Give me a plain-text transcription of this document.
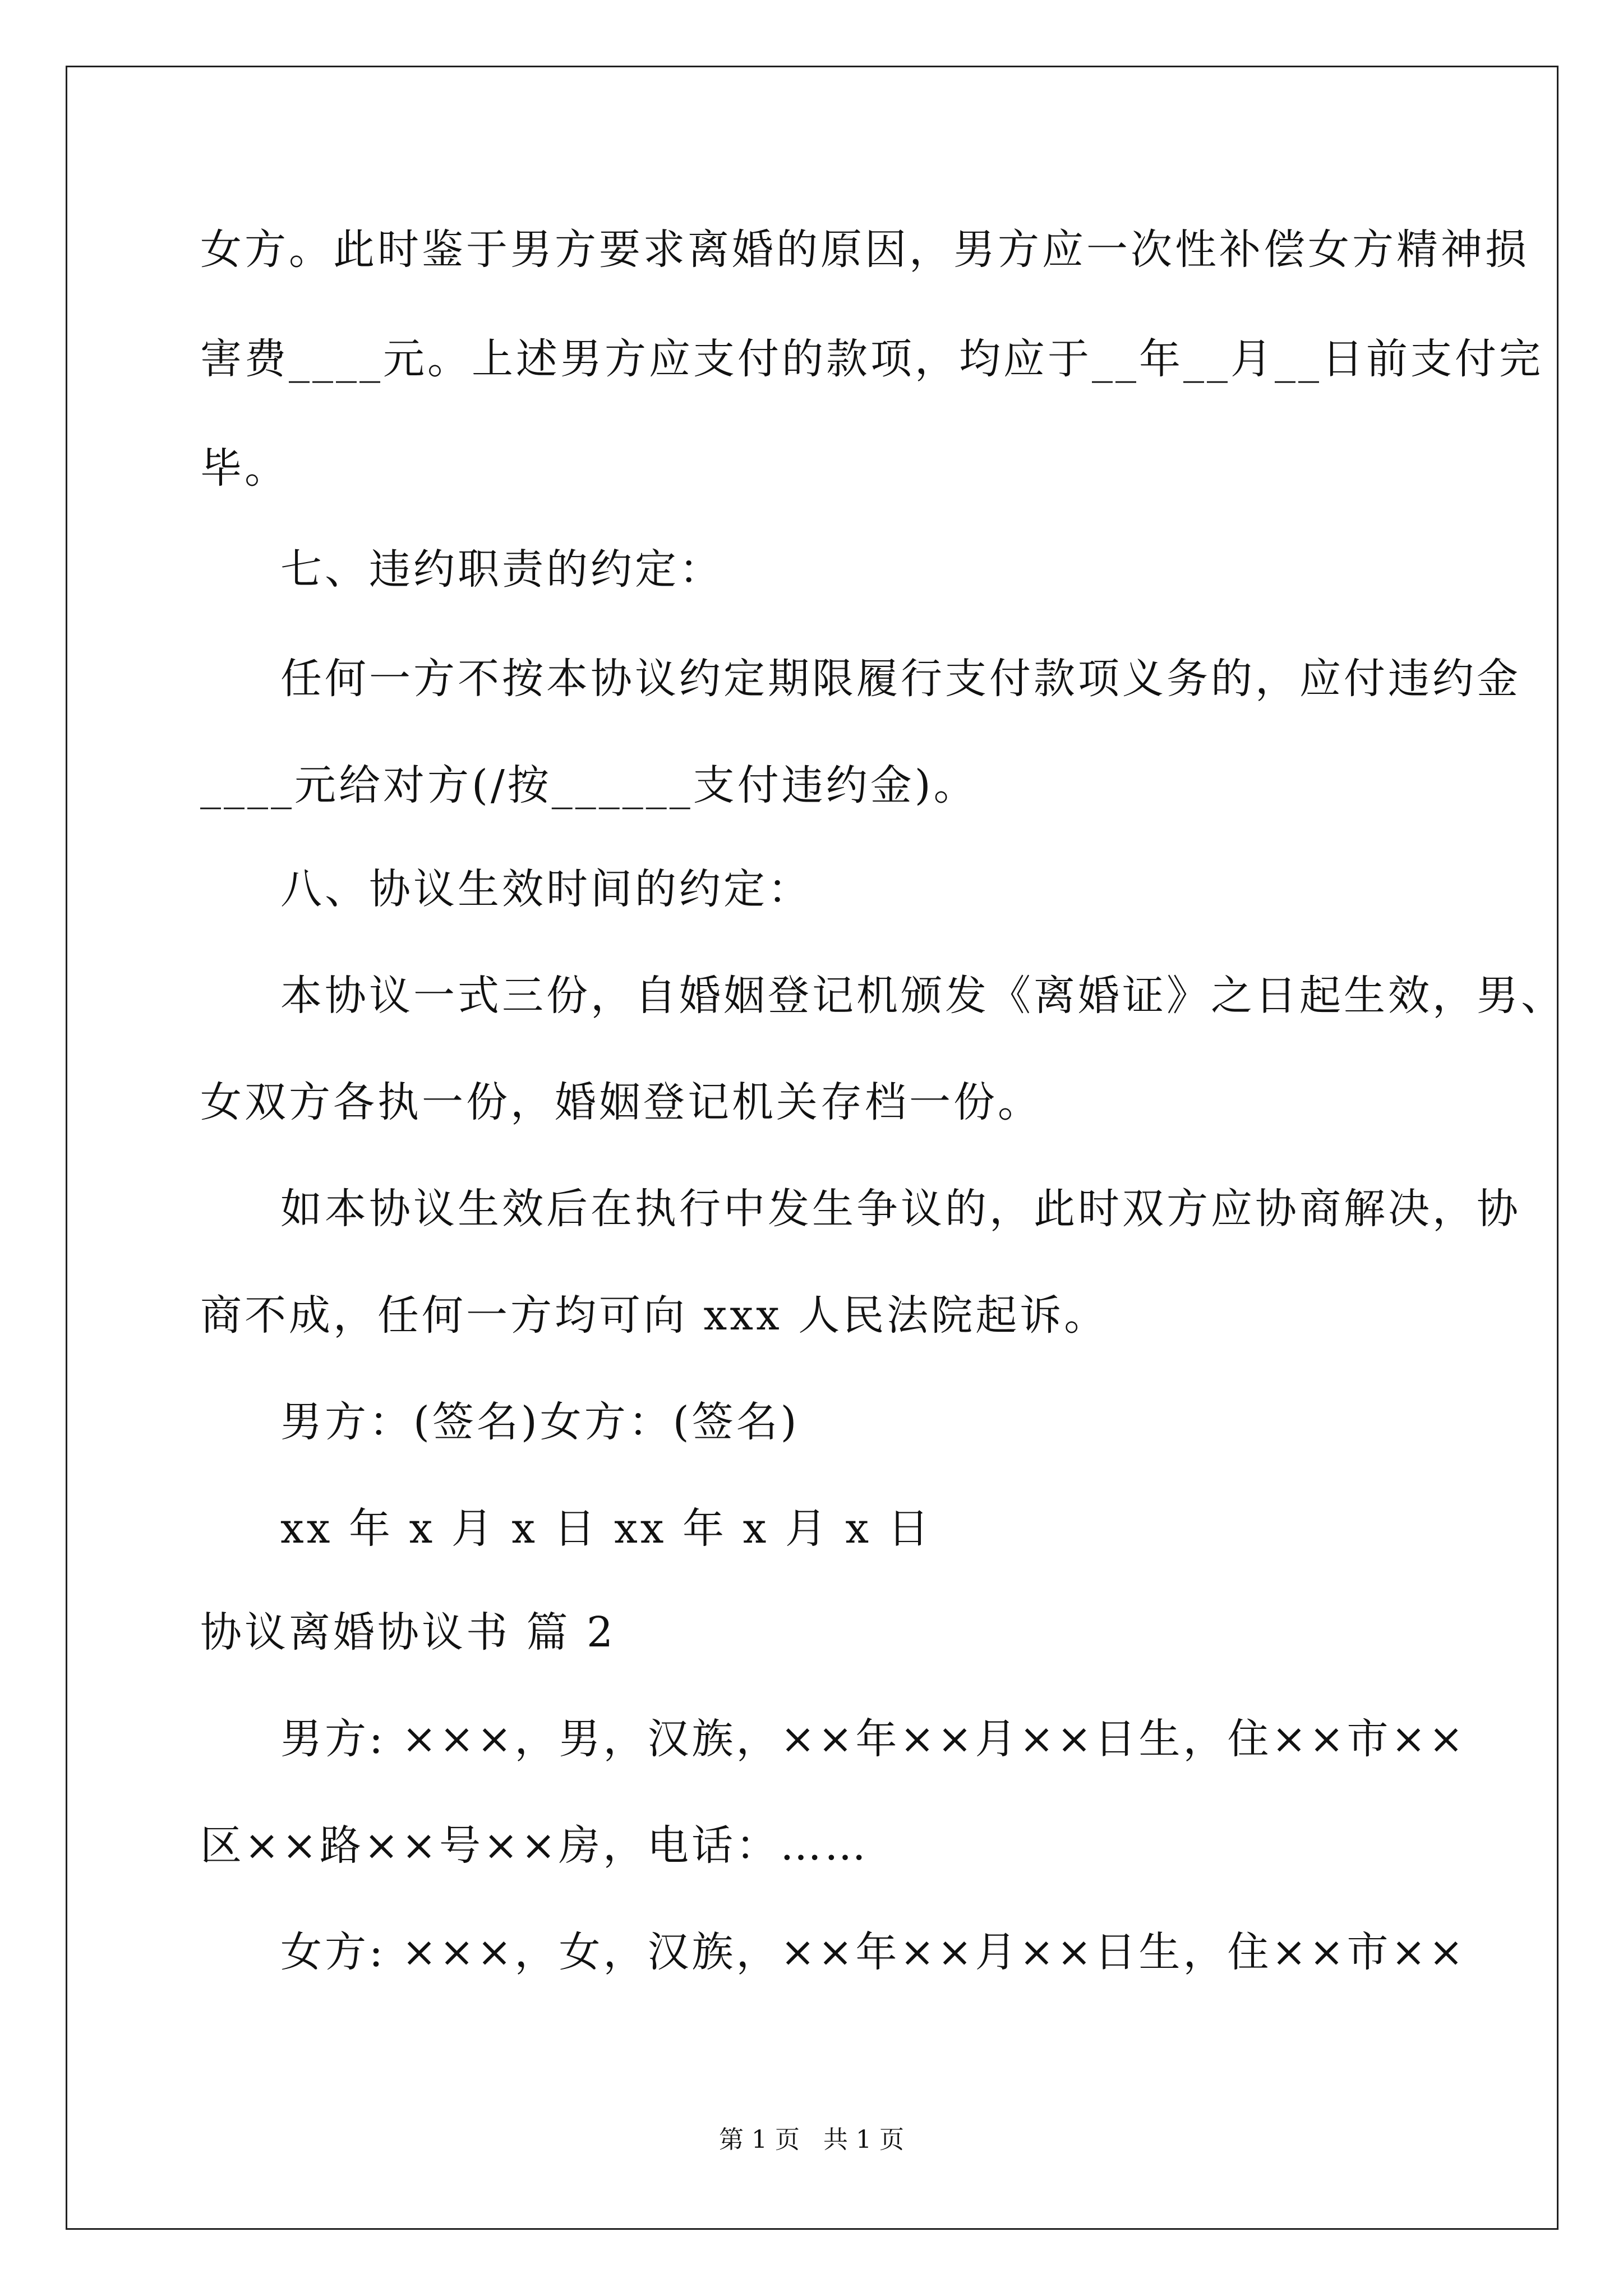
女方。此时鉴于男方要求离婚的原因，男方应一次性补偿女方精神损
害费____元。上述男方应支付的款项，均应于__年__月__日前支付完
毕。
七、违约职责的约定：
任何一方不按本协议约定期限履行支付款项义务的，应付违约金
____元给对方(/按______支付违约金)。
八、协议生效时间的约定：
本协议一式三份，自婚姻登记机颁发《离婚证》之日起生效，男、
女双方各执一份，婚姻登记机关存档一份。
如本协议生效后在执行中发生争议的，此时双方应协商解决，协
商不成，任何一方均可向 xxx 人民法院起诉。
男方：(签名)女方：(签名)
xx 年 x 月 x 日 xx 年 x 月 x 日
协议离婚协议书 篇 2
男方: ×××，男，汉族，××年××月××日生，住××市××
区××路××号××房，电话：……
女方: ×××，女，汉族，××年××月××日生，住××市××
第 1 页   共 1 页
